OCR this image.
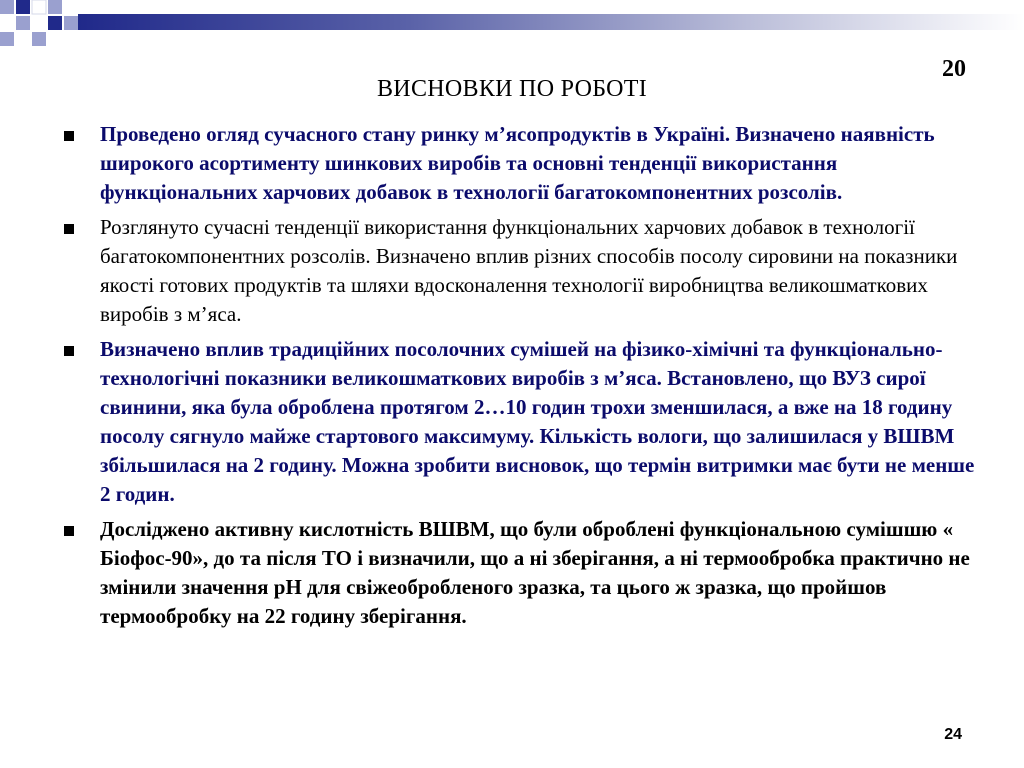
20
ВИСНОВКИ ПО РОБОТІ
Проведено огляд сучасного стану ринку м’ясопродуктів в Україні. Визначено наявність широкого асортименту шинкових виробів та основні тенденції використання функціональних харчових добавок в технології багатокомпонентних розсолів.
Розглянуто сучасні тенденції використання функціональних харчових добавок в технології багатокомпонентних розсолів. Визначено вплив різних способів посолу сировини на показники якості готових продуктів та шляхи вдосконалення технології виробництва великошматкових виробів з м’яса.
Визначено вплив традиційних посолочних сумішей на фізико-хімічні та функціонально-технологічні показники великошматкових виробів з м’яса. Встановлено, що ВУЗ сирої свинини, яка була оброблена протягом 2…10 годин трохи зменшилася, а вже на 18 годину посолу сягнуло майже стартового максимуму. Кількість вологи, що залишилася у ВШВМ збільшилася на 2 годину. Можна зробити висновок, що термін витримки має бути не менше 2 годин.
Досліджено активну кислотність ВШВМ, що були оброблені функціональною сумішшю « Біофос-90», до та після ТО і визначили, що а ні зберігання, а ні термообробка практично не змінили значення рН для свіжеобробленого зразка, та цього ж зразка, що пройшов термообробку на 22 годину зберігання.
24
